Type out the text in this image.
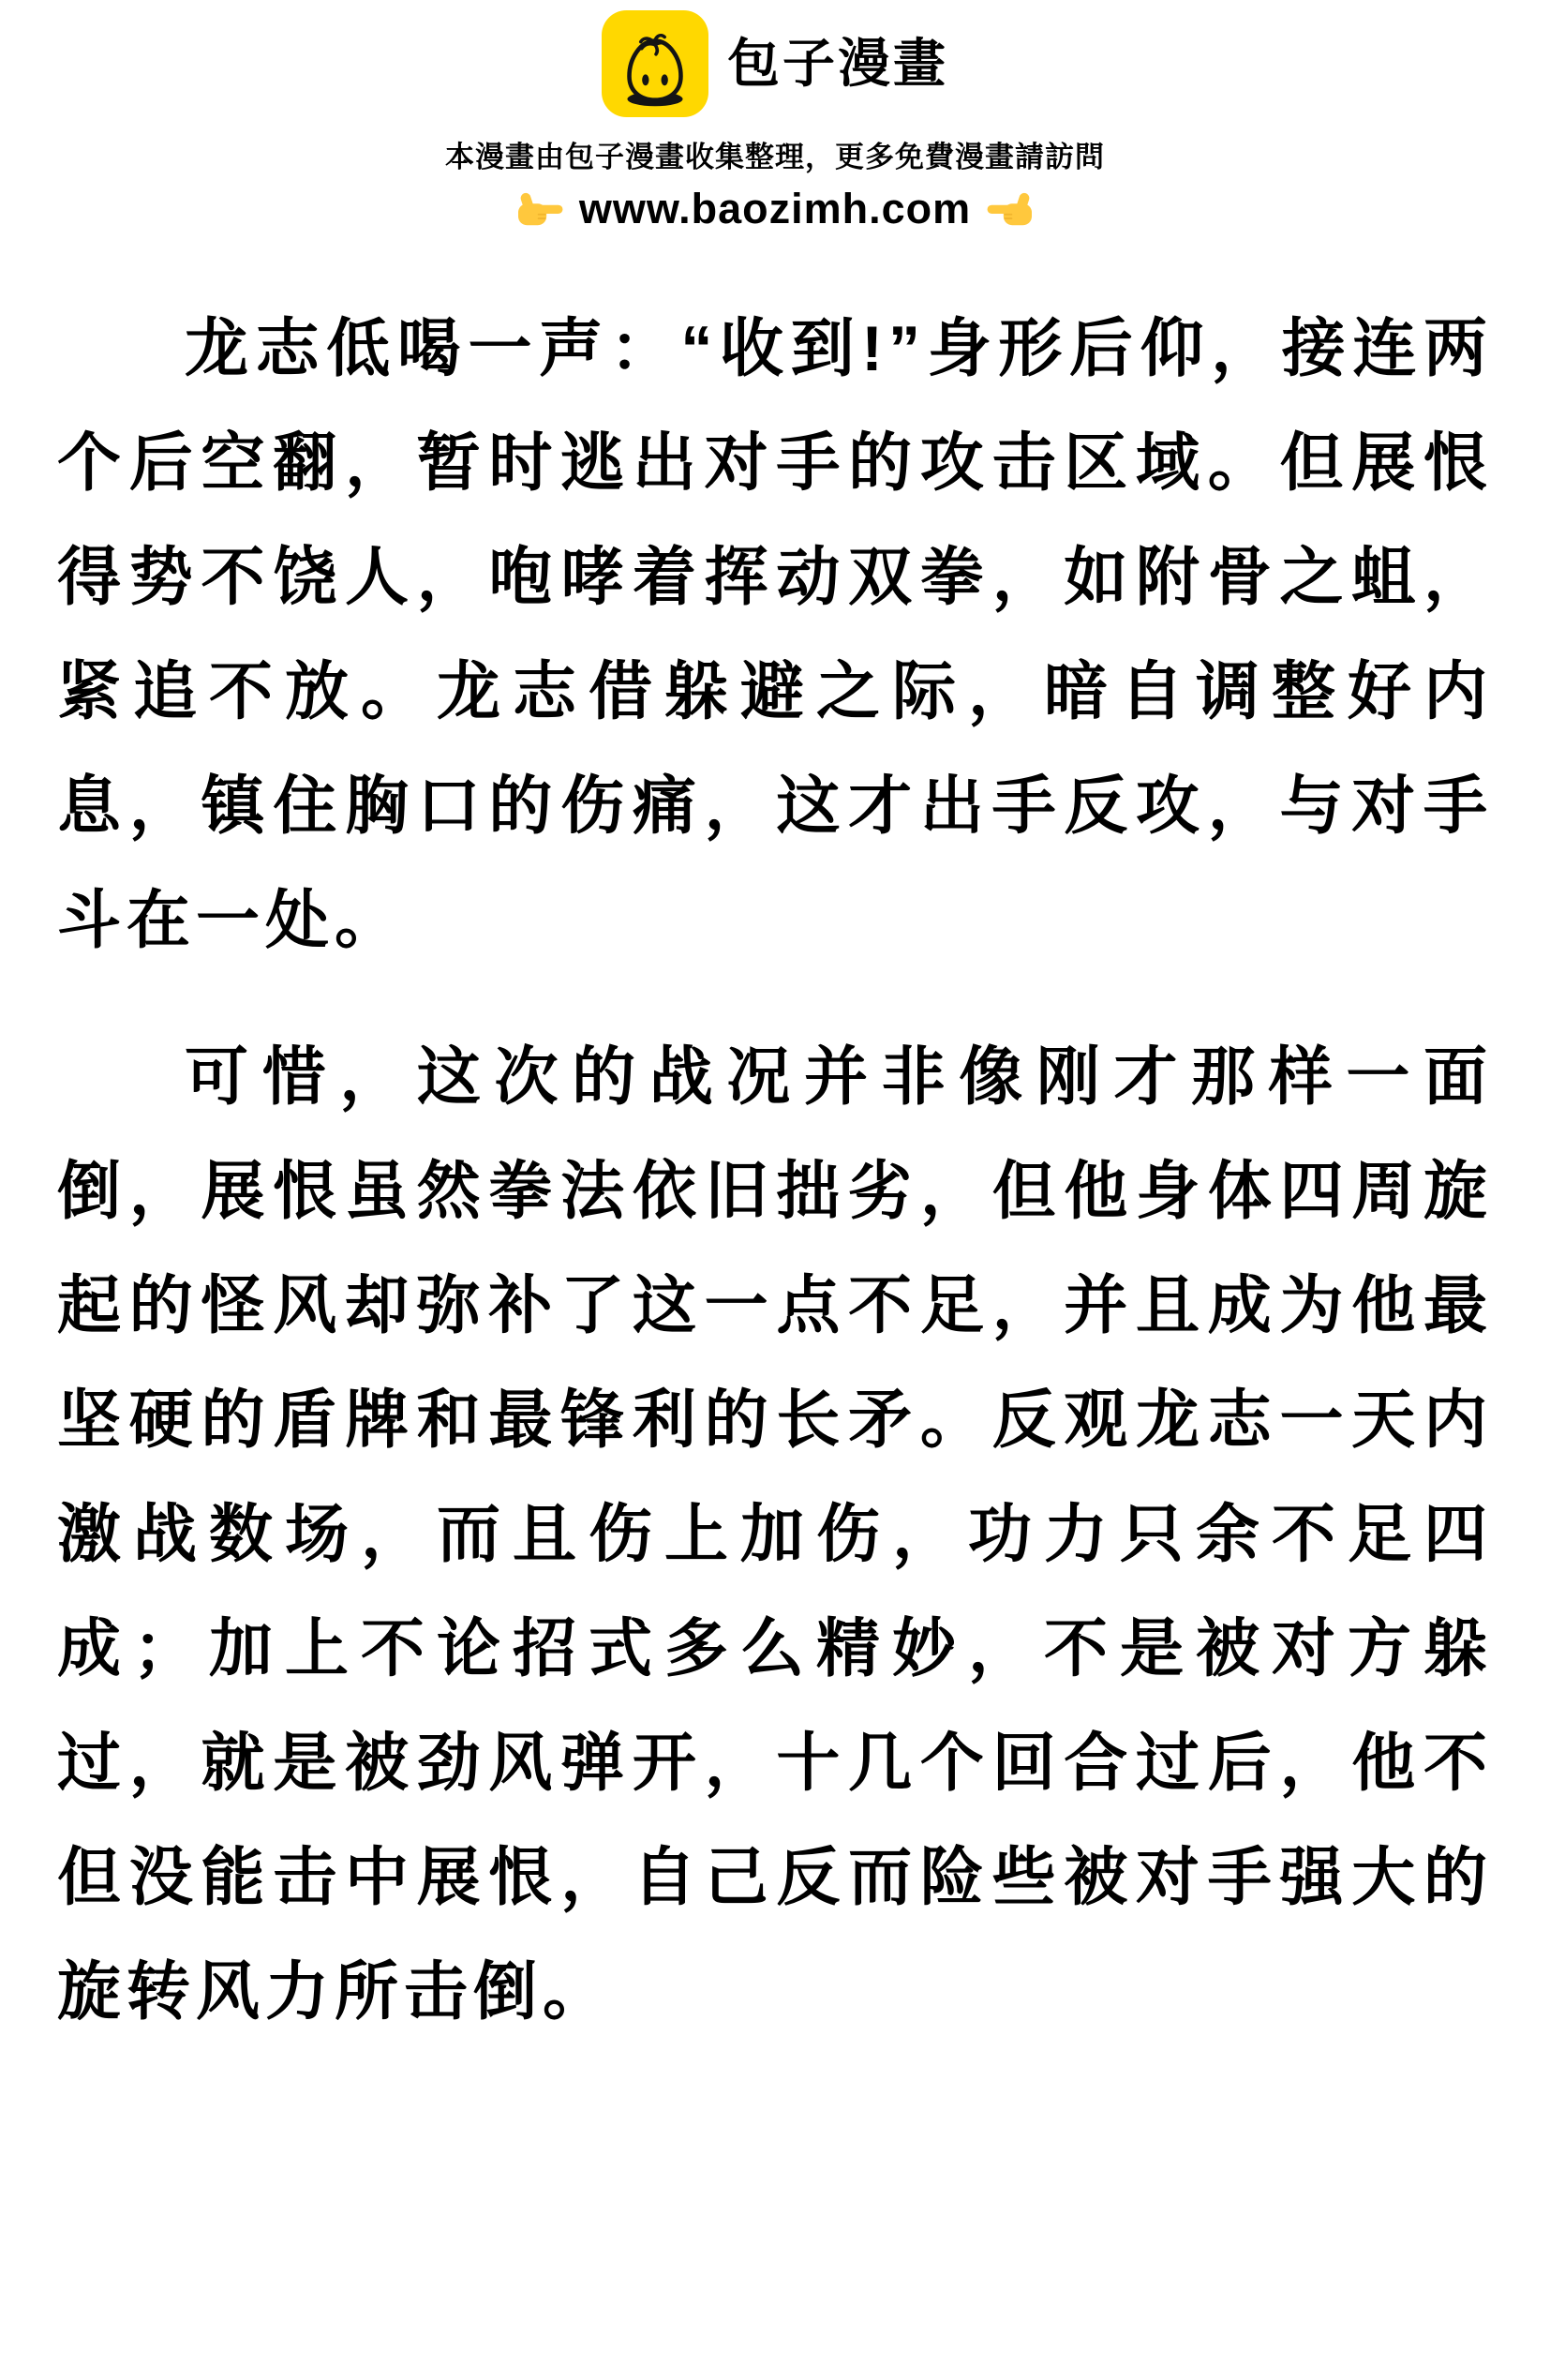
包子漫畫
本漫畫由包子漫畫收集整理，更多免費漫畫請訪問
www.baozimh.com

龙志低喝一声：“收到!”身形后仰，接连两个后空翻，暂时逃出对手的攻击区域。但展恨得势不饶人，咆哮着挥动双拳，如附骨之蛆，紧追不放。龙志借躲避之际，暗自调整好内息，镇住胸口的伤痛，这才出手反攻，与对手斗在一处。

可惜，这次的战况并非像刚才那样一面倒，展恨虽然拳法依旧拙劣，但他身体四周旋起的怪风却弥补了这一点不足，并且成为他最坚硬的盾牌和最锋利的长矛。反观龙志一天内激战数场，而且伤上加伤，功力只余不足四成；加上不论招式多么精妙，不是被对方躲过，就是被劲风弹开，十几个回合过后，他不但没能击中展恨，自己反而险些被对手强大的旋转风力所击倒。
